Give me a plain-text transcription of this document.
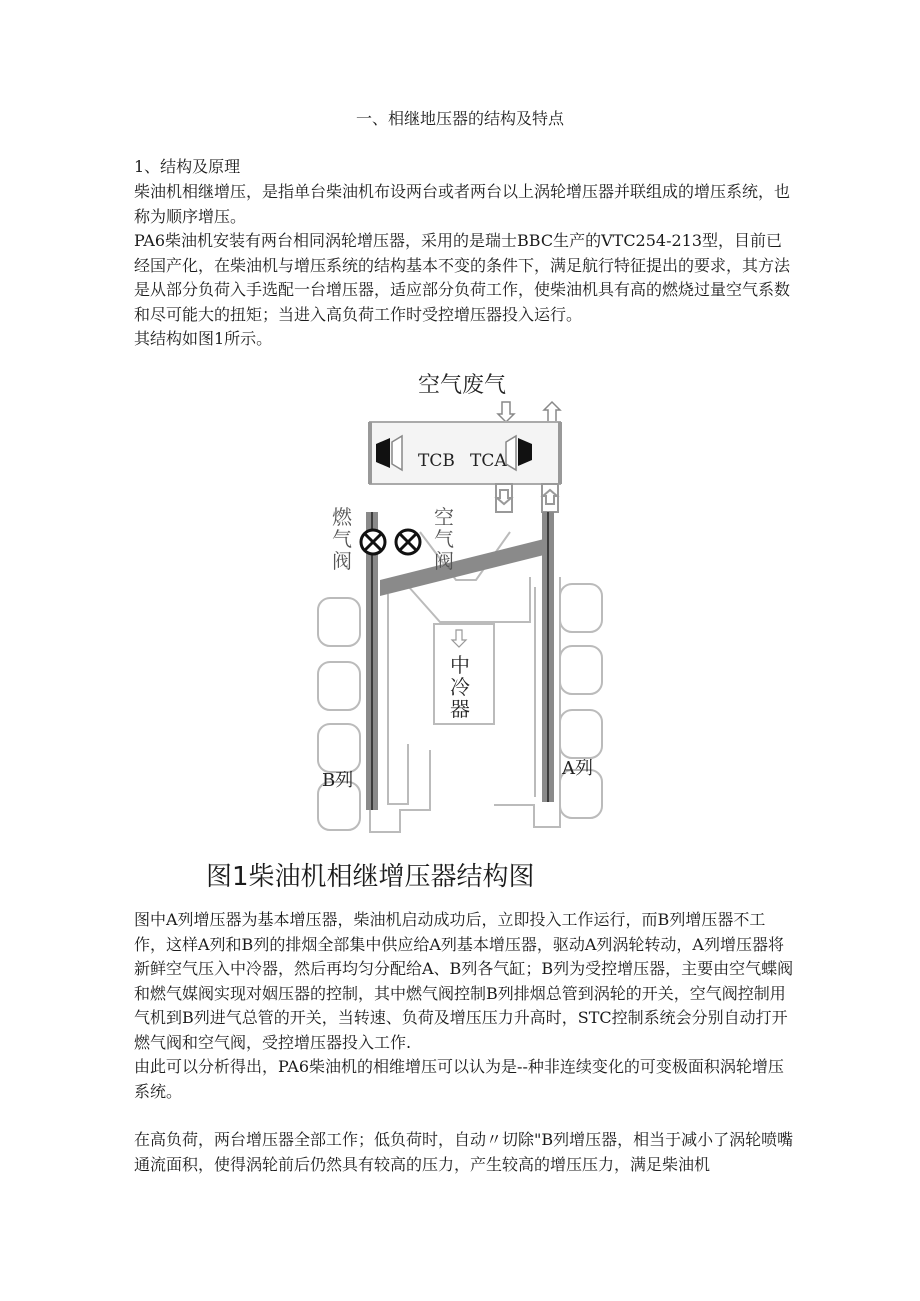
一、相继地压器的结构及特点

1、结构及原理

柴油机相继增压，是指单台柴油机布设两台或者两台以上涡轮增压器并联组成的增压系统，也称为顺序增压。

PA6柴油机安装有两台相同涡轮增压器，采用的是瑞士BBC生产的VTC254-213型，目前已经国产化，在柴油机与增压系统的结构基本不变的条件下，满足航行特征提出的要求，其方法是从部分负荷入手选配一台增压器，适应部分负荷工作，使柴油机具有高的燃烧过量空气系数和尽可能大的扭矩；当进入高负荷工作时受控增压器投入运行。

其结构如图1所示。

空气废气
TCB TCA
中
冷
器
燃
气
阀
空
气
阀
B列
A列
图1柴油机相继增压器结构图

图中A列增压器为基本增压器，柴油机启动成功后，立即投入工作运行，而B列增压器不工作，这样A列和B列的排烟全部集中供应给A列基本增压器，驱动A列涡轮转动，A列增压器将新鲜空气压入中冷器，然后再均匀分配给A、B列各气缸；B列为受控增压器，主要由空气蝶阀和燃气媒阀实现对姻压器的控制，其中燃气阀控制B列排烟总管到涡轮的开关，空气阀控制用气机到B列进气总管的开关，当转速、负荷及增压压力升高时，STC控制系统会分别自动打开燃气阀和空气阀，受控增压器投入工作.

由此可以分析得出，PA6柴油机的相维增压可以认为是--种非连续变化的可变极面积涡轮增压系统。

在高负荷，两台增压器全部工作；低负荷时，自动〃切除"B列增压器，相当于减小了涡轮喷嘴通流面积，使得涡轮前后仍然具有较高的压力，产生较高的增压压力，满足柴油机
